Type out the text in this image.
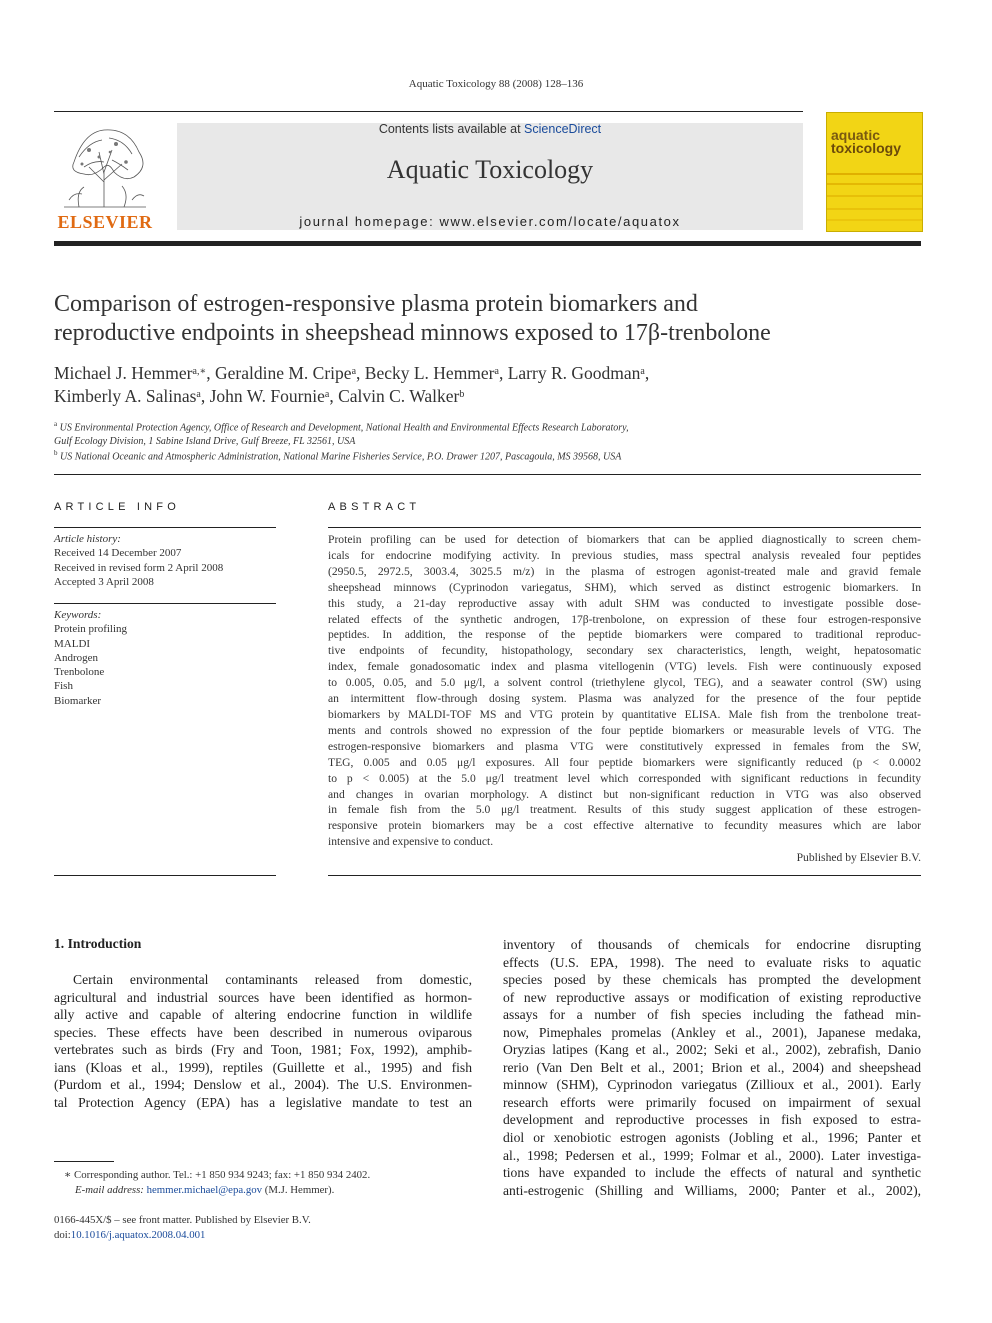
Aquatic Toxicology 88 (2008) 128–136
Contents lists available at ScienceDirect
Aquatic Toxicology
journal homepage: www.elsevier.com/locate/aquatox
ELSEVIER
aquatic
toxicology
Comparison of estrogen-responsive plasma protein biomarkers and
reproductive endpoints in sheepshead minnows exposed to 17β-trenbolone
Michael J. Hemmer$^{a,∗}$, Geraldine M. Cripe$^a$, Becky L. Hemmer$^a$, Larry R. Goodman$^a$,
Kimberly A. Salinas$^a$, John W. Fournie$^a$, Calvin C. Walker$^b$
$^a$ US Environmental Protection Agency, Office of Research and Development, National Health and Environmental Effects Research Laboratory,
Gulf Ecology Division, 1 Sabine Island Drive, Gulf Breeze, FL 32561, USA
$^b$ US National Oceanic and Atmospheric Administration, National Marine Fisheries Service, P.O. Drawer 1207, Pascagoula, MS 39568, USA
ARTICLE INFO
Article history:
Received 14 December 2007
Received in revised form 2 April 2008
Accepted 3 April 2008
Keywords:
Protein profiling
MALDI
Androgen
Trenbolone
Fish
Biomarker
ABSTRACT
Protein profiling can be used for detection of biomarkers that can be applied diagnostically to screen chem-
icals for endocrine modifying activity. In previous studies, mass spectral analysis revealed four peptides
(2950.5, 2972.5, 3003.4, 3025.5 m/z) in the plasma of estrogen agonist-treated male and gravid female
sheepshead minnows (Cyprinodon variegatus, SHM), which served as distinct estrogenic biomarkers. In
this study, a 21-day reproductive assay with adult SHM was conducted to investigate possible dose-
related effects of the synthetic androgen, 17β-trenbolone, on expression of these four estrogen-responsive
peptides. In addition, the response of the peptide biomarkers were compared to traditional reproduc-
tive endpoints of fecundity, histopathology, secondary sex characteristics, length, weight, hepatosomatic
index, female gonadosomatic index and plasma vitellogenin (VTG) levels. Fish were continuously exposed
to 0.005, 0.05, and 5.0 μg/l, a solvent control (triethylene glycol, TEG), and a seawater control (SW) using
an intermittent flow-through dosing system. Plasma was analyzed for the presence of the four peptide
biomarkers by MALDI-TOF MS and VTG protein by quantitative ELISA. Male fish from the trenbolone treat-
ments and controls showed no expression of the four peptide biomarkers or measurable levels of VTG. The
estrogen-responsive biomarkers and plasma VTG were constitutively expressed in females from the SW,
TEG, 0.005 and 0.05 μg/l exposures. All four peptide biomarkers were significantly reduced (p < 0.0002
to p < 0.005) at the 5.0 μg/l treatment level which corresponded with significant reductions in fecundity
and changes in ovarian morphology. A distinct but non-significant reduction in VTG was also observed
in female fish from the 5.0 μg/l treatment. Results of this study suggest application of these estrogen-
responsive protein biomarkers may be a cost effective alternative to fecundity measures which are labor
intensive and expensive to conduct.
Published by Elsevier B.V.
1. Introduction
Certain environmental contaminants released from domestic,
agricultural and industrial sources have been identified as hormon-
ally active and capable of altering endocrine function in wildlife
species. These effects have been described in numerous oviparous
vertebrates such as birds (Fry and Toon, 1981; Fox, 1992), amphib-
ians (Kloas et al., 1999), reptiles (Guillette et al., 1995) and fish
(Purdom et al., 1994; Denslow et al., 2004). The U.S. Environmen-
tal Protection Agency (EPA) has a legislative mandate to test an
inventory of thousands of chemicals for endocrine disrupting
effects (U.S. EPA, 1998). The need to evaluate risks to aquatic
species posed by these chemicals has prompted the development
of new reproductive assays or modification of existing reproductive
assays for a number of fish species including the fathead min-
now, Pimephales promelas (Ankley et al., 2001), Japanese medaka,
Oryzias latipes (Kang et al., 2002; Seki et al., 2002), zebrafish, Danio
rerio (Van Den Belt et al., 2001; Brion et al., 2004) and sheepshead
minnow (SHM), Cyprinodon variegatus (Zillioux et al., 2001). Early
research efforts were primarily focused on impairment of sexual
development and reproductive processes in fish exposed to estra-
diol or xenobiotic estrogen agonists (Jobling et al., 1996; Panter et
al., 1998; Pedersen et al., 1999; Folmar et al., 2000). Later investiga-
tions have expanded to include the effects of natural and synthetic
anti-estrogenic (Shilling and Williams, 2000; Panter et al., 2002),
∗ Corresponding author. Tel.: +1 850 934 9243; fax: +1 850 934 2402.
E-mail address: hemmer.michael@epa.gov (M.J. Hemmer).
0166-445X/$ – see front matter. Published by Elsevier B.V.
doi:10.1016/j.aquatox.2008.04.001
